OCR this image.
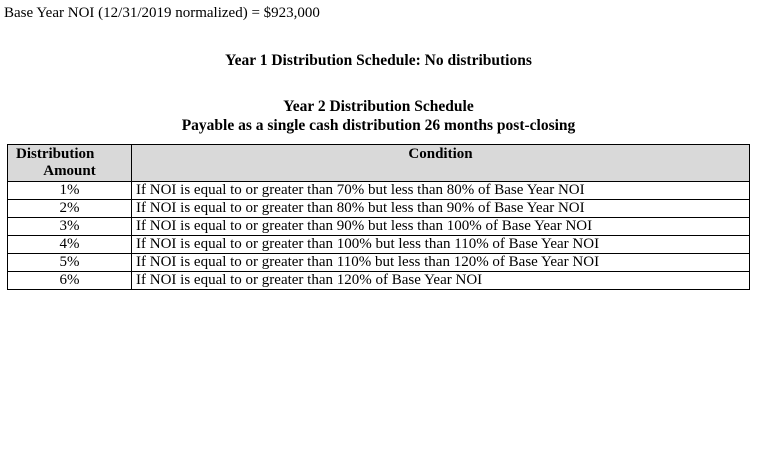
Base Year NOI (12/31/2019 normalized) = $923,000
Year 1 Distribution Schedule: No distributions
Year 2 Distribution Schedule
Payable as a single cash distribution 26 months post-closing
Distribution
Amount	Condition
1%	If NOI is equal to or greater than 70% but less than 80% of Base Year NOI
2%	If NOI is equal to or greater than 80% but less than 90% of Base Year NOI
3%	If NOI is equal to or greater than 90% but less than 100% of Base Year NOI
4%	If NOI is equal to or greater than 100% but less than 110% of Base Year NOI
5%	If NOI is equal to or greater than 110% but less than 120% of Base Year NOI
6%	If NOI is equal to or greater than 120% of Base Year NOI
